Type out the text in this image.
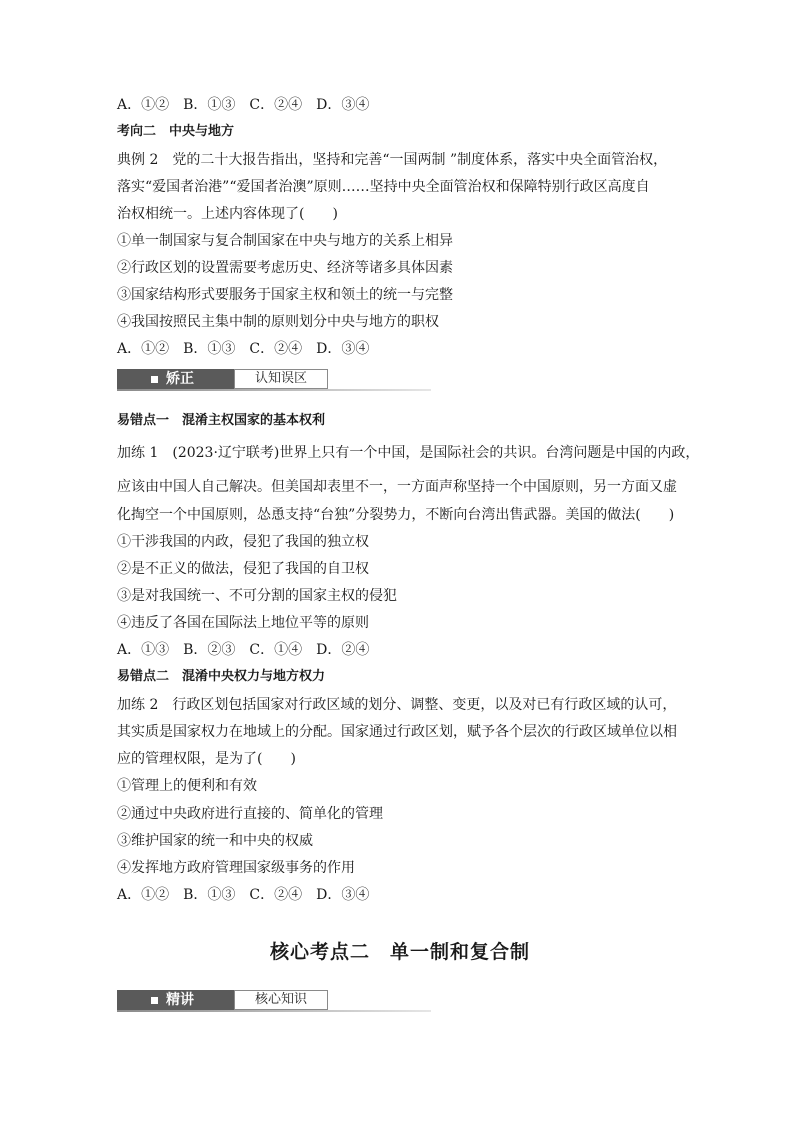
A．①②　B．①③　C．②④　D．③④
考向二　中央与地方
典例 2　党的二十大报告指出，坚持和完善“一国两制 ”制度体系，落实中央全面管治权，
落实“爱国者治港”“爱国者治澳”原则……坚持中央全面管治权和保障特别行政区高度自
治权相统一。上述内容体现了(　　)
①单一制国家与复合制国家在中央与地方的关系上相异
②行政区划的设置需要考虑历史、经济等诸多具体因素
③国家结构形式要服务于国家主权和领土的统一与完整
④我国按照民主集中制的原则划分中央与地方的职权
A．①②　B．①③　C．②④　D．③④
矫正	认知误区
易错点一　混淆主权国家的基本权利
加练 1　(2023·辽宁联考)世界上只有一个中国，是国际社会的共识。台湾问题是中国的内政，
应该由中国人自己解决。但美国却表里不一，一方面声称坚持一个中国原则，另一方面又虚
化掏空一个中国原则，怂恿支持“台独”分裂势力，不断向台湾出售武器。美国的做法(　　)
①干涉我国的内政，侵犯了我国的独立权
②是不正义的做法，侵犯了我国的自卫权
③是对我国统一、不可分割的国家主权的侵犯
④违反了各国在国际法上地位平等的原则
A．①③　B．②③　C．①④　D．②④
易错点二　混淆中央权力与地方权力
加练 2　行政区划包括国家对行政区域的划分、调整、变更，以及对已有行政区域的认可，
其实质是国家权力在地域上的分配。国家通过行政区划，赋予各个层次的行政区域单位以相
应的管理权限，是为了(　　)
①管理上的便利和有效
②通过中央政府进行直接的、简单化的管理
③维护国家的统一和中央的权威
④发挥地方政府管理国家级事务的作用
A．①②　B．①③　C．②④　D．③④
核心考点二　单一制和复合制
精讲	核心知识
